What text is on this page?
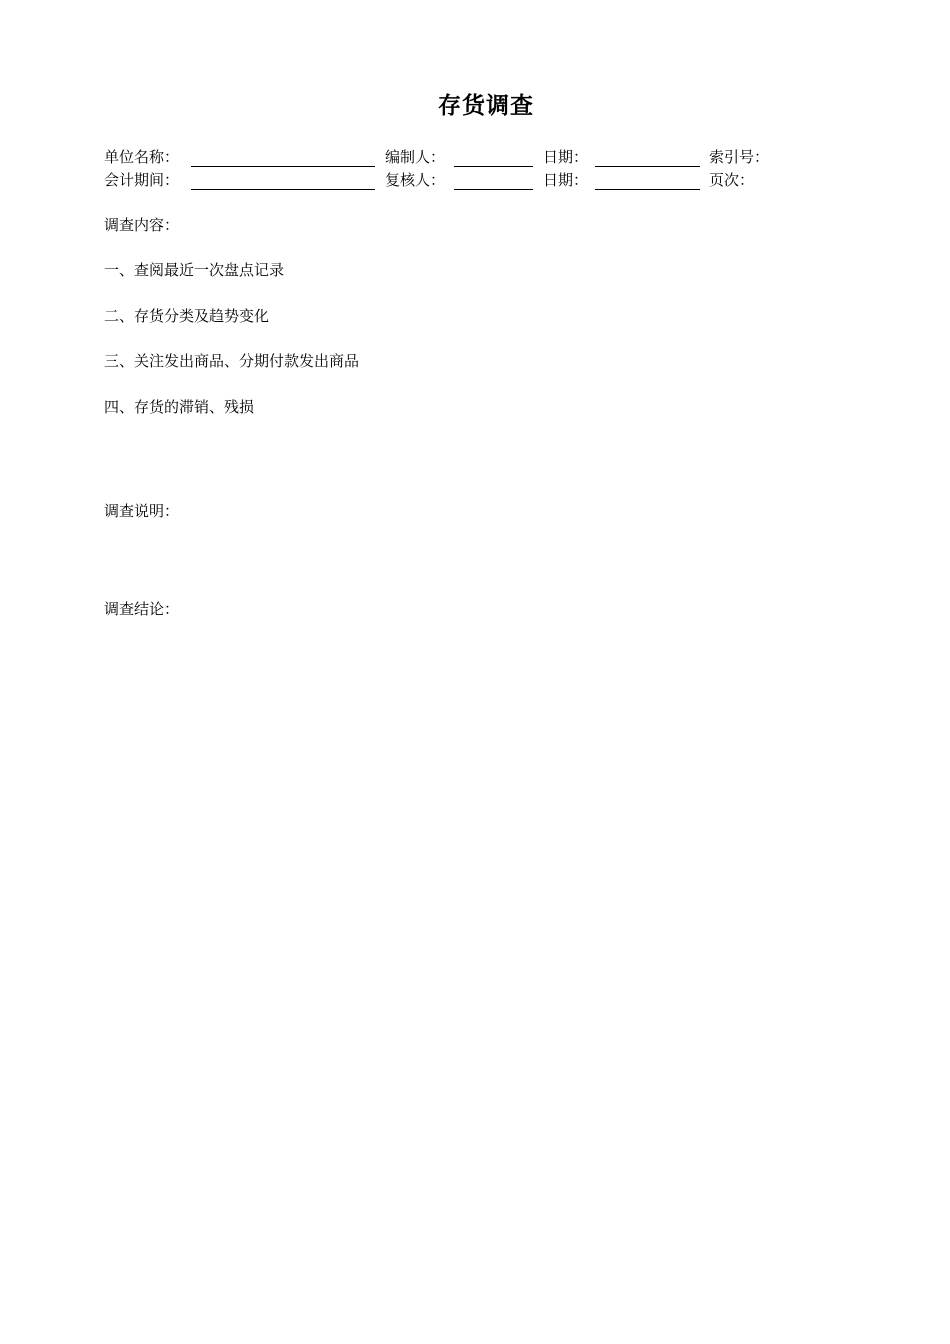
存货调查
单位名称：	编制人：	日期：	索引号：
会计期间：	复核人：	日期：	页次：
调查内容：
一、查阅最近一次盘点记录
二、存货分类及趋势变化
三、关注发出商品、分期付款发出商品
四、存货的滞销、残损
调查说明：
调查结论：
